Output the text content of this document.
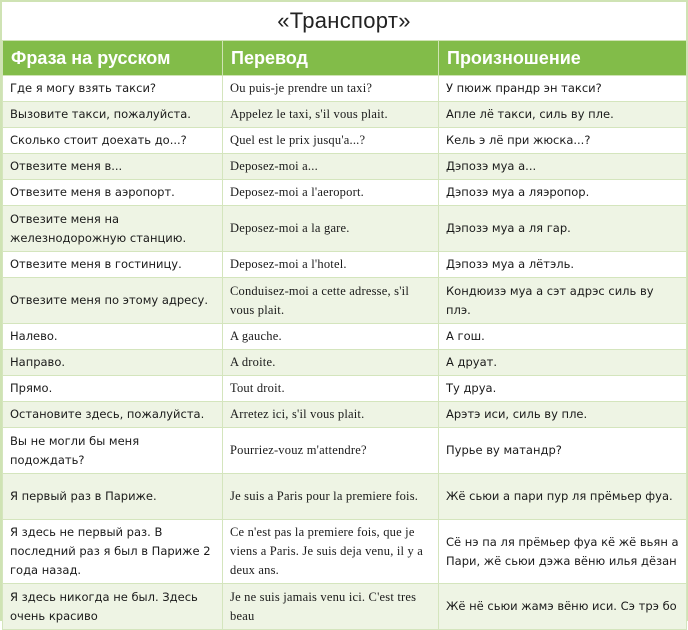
«Транспорт»
Фраза на русском	Перевод	Произношение
Где я могу взять такси?	Ou puis-je prendre un taxi?	У пюиж прандр эн такси?
Вызовите такси, пожалуйста.	Appelez le taxi, s'il vous plait.	Апле лё такси, силь ву пле.
Сколько стоит доехать до...?	Quel est le prix jusqu'a...?	Кель э лё при жюска...?
Отвезите меня в...	Deposez-moi a...	Дэпозэ муа а...
Отвезите меня в аэропорт.	Deposez-moi a l'aeroport.	Дэпозэ муа а ляэропор.
Отвезите меня на железнодорожную станцию.	Deposez-moi a la gare.	Дэпозэ муа а ля гар.
Отвезите меня в гостиницу.	Deposez-moi a l'hotel.	Дэпозэ муа а лётэль.
Отвезите меня по этому адресу.	Conduisez-moi a cette adresse, s'il vous plait.	Кондюизэ муа а сэт адрэс силь ву плэ.
Налево.	A gauche.	А гош.
Направо.	A droite.	А друат.
Прямо.	Tout droit.	Ту друа.
Остановите здесь, пожалуйста.	Arretez ici, s'il vous plait.	Арэтэ иси, силь ву пле.
Вы не могли бы меня подождать?	Pourriez-vouz m'attendre?	Пурье ву матандр?
Я первый раз в Париже.	Je suis a Paris pour la premiere fois.	Жё сьюи а пари пур ля прёмьер фуа.
Я здесь не первый раз. В последний раз я был в Париже 2 года назад.	Ce n'est pas la premiere fois, que je viens a Paris. Je suis deja venu, il y a deux ans.	Сё нэ па ля прёмьер фуа кё жё вьян а Пари, жё сьюи дэжа вёню илья дёзан
Я здесь никогда не был. Здесь очень красиво	Je ne suis jamais venu ici. C'est tres beau	Жё нё сьюи жамэ вёню иси. Сэ трэ бо
